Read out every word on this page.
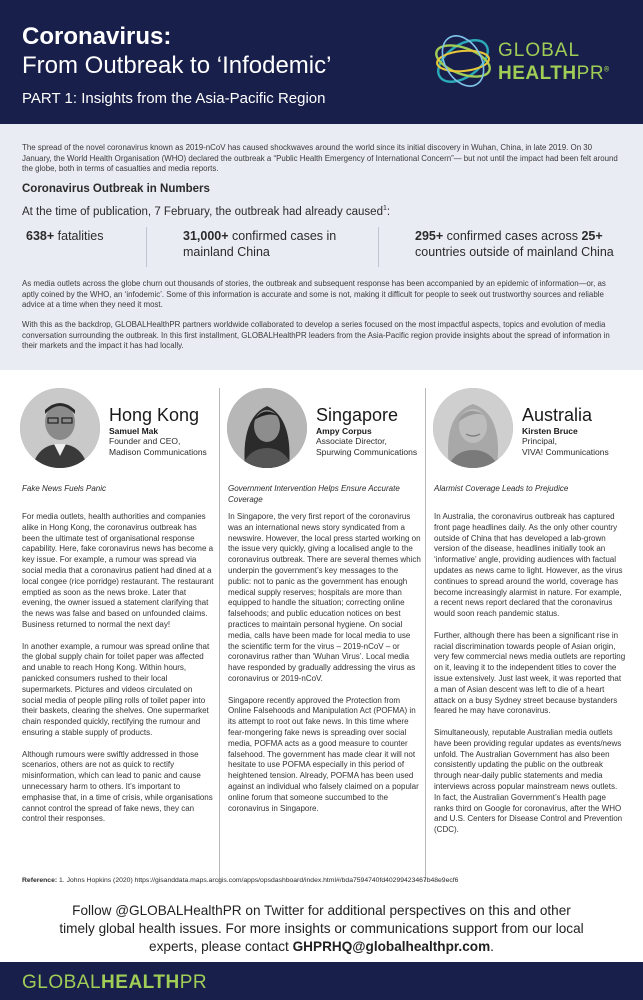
Coronavirus:
From Outbreak to ‘Infodemic’
PART 1: Insights from the Asia-Pacific Region
GLOBAL
HEALTHPR®
The spread of the novel coronavirus known as 2019-nCoV has caused shockwaves around the world since its initial discovery in Wuhan, China, in late 2019. On 30 January, the World Health Organisation (WHO) declared the outbreak a “Public Health Emergency of International Concern”— but not until the impact had been felt around the globe, both in terms of casualties and media reports.
Coronavirus Outbreak in Numbers
At the time of publication, 7 February, the outbreak had already caused$^1$:
638+ fatalities	31,000+ confirmed cases in mainland China
295+ confirmed cases across 25+ countries outside of mainland China
As media outlets across the globe churn out thousands of stories, the outbreak and subsequent response has been accompanied by an epidemic of information—or, as aptly coined by the WHO, an ‘infodemic’. Some of this information is accurate and some is not, making it difficult for people to seek out trustworthy sources and reliable advice at a time when they need it most.
With this as the backdrop, GLOBALHealthPR partners worldwide collaborated to develop a series focused on the most impactful aspects, topics and evolution of media conversation surrounding the outbreak. In this first installment, GLOBALHealthPR leaders from the Asia-Pacific region provide insights about the spread of information in their markets and the impact it has had locally.
Hong Kong
Samuel Mak
Founder and CEO,
Madison Communications
Fake News Fuels Panic

For media outlets, health authorities and companies alike in Hong Kong, the coronavirus outbreak has been the ultimate test of organisational response capability. Here, fake coronavirus news has become a key issue. For example, a rumour was spread via social media that a coronavirus patient had dined at a local congee (rice porridge) restaurant. The restaurant emptied as soon as the news broke. Later that evening, the owner issued a statement clarifying that the news was false and based on unfounded claims. Business returned to normal the next day!

In another example, a rumour was spread online that the global supply chain for toilet paper was affected and unable to reach Hong Kong. Within hours, panicked consumers rushed to their local supermarkets. Pictures and videos circulated on social media of people piling rolls of toilet paper into their baskets, clearing the shelves. One supermarket chain responded quickly, rectifying the rumour and ensuring a stable supply of products.

Although rumours were swiftly addressed in those scenarios, others are not as quick to rectify misinformation, which can lead to panic and cause unnecessary harm to others. It’s important to emphasise that, in a time of crisis, while organisations cannot control the spread of fake news, they can control their responses.

Singapore
Ampy Corpus
Associate Director,
Spurwing Communications
Government Intervention Helps Ensure Accurate Coverage

In Singapore, the very first report of the coronavirus was an international news story syndicated from a newswire. However, the local press started working on the issue very quickly, giving a localised angle to the coronavirus outbreak. There are several themes which underpin the government’s key messages to the public: not to panic as the government has enough medical supply reserves; hospitals are more than equipped to handle the situation; correcting online falsehoods; and public education notices on best practices to maintain personal hygiene. On social media, calls have been made for local media to use the scientific term for the virus – 2019-nCoV – or coronavirus rather than ‘Wuhan Virus’. Local media have responded by gradually addressing the virus as coronavirus or 2019-nCoV.

Singapore recently approved the Protection from Online Falsehoods and Manipulation Act (POFMA) in its attempt to root out fake news. In this time where fear-mongering fake news is spreading over social media, POFMA acts as a good measure to counter falsehood. The government has made clear it will not hesitate to use POFMA especially in this period of heightened tension. Already, POFMA has been used against an individual who falsely claimed on a popular online forum that someone succumbed to the coronavirus in Singapore.

Australia
Kirsten Bruce
Principal,
VIVA! Communications
Alarmist Coverage Leads to Prejudice

In Australia, the coronavirus outbreak has captured front page headlines daily. As the only other country outside of China that has developed a lab-grown version of the disease, headlines initially took an ‘informative’ angle, providing audiences with factual updates as news came to light. However, as the virus continues to spread around the world, coverage has become increasingly alarmist in nature. For example, a recent news report declared that the coronavirus would soon reach pandemic status.

Further, although there has been a significant rise in racial discrimination towards people of Asian origin, very few commercial news media outlets are reporting on it, leaving it to the independent titles to cover the issue extensively. Just last week, it was reported that a man of Asian descent was left to die of a heart attack on a busy Sydney street because bystanders feared he may have coronavirus.

Simultaneously, reputable Australian media outlets have been providing regular updates as events/news unfold. The Australian Government has also been consistently updating the public on the outbreak through near-daily public statements and media interviews across popular mainstream news outlets. In fact, the Australian Government’s Health page ranks third on Google for coronavirus, after the WHO and U.S. Centers for Disease Control and Prevention (CDC).

Reference: 1. Johns Hopkins (2020) https://gisanddata.maps.arcgis.com/apps/opsdashboard/index.html#/bda7594740fd40299423467b48e9ecf6
Follow @GLOBALHealthPR on Twitter for additional perspectives on this and other
timely global health issues. For more insights or communications support from our local
experts, please contact GHPRHQ@globalhealthpr.com.
GLOBALHEALTHPR
